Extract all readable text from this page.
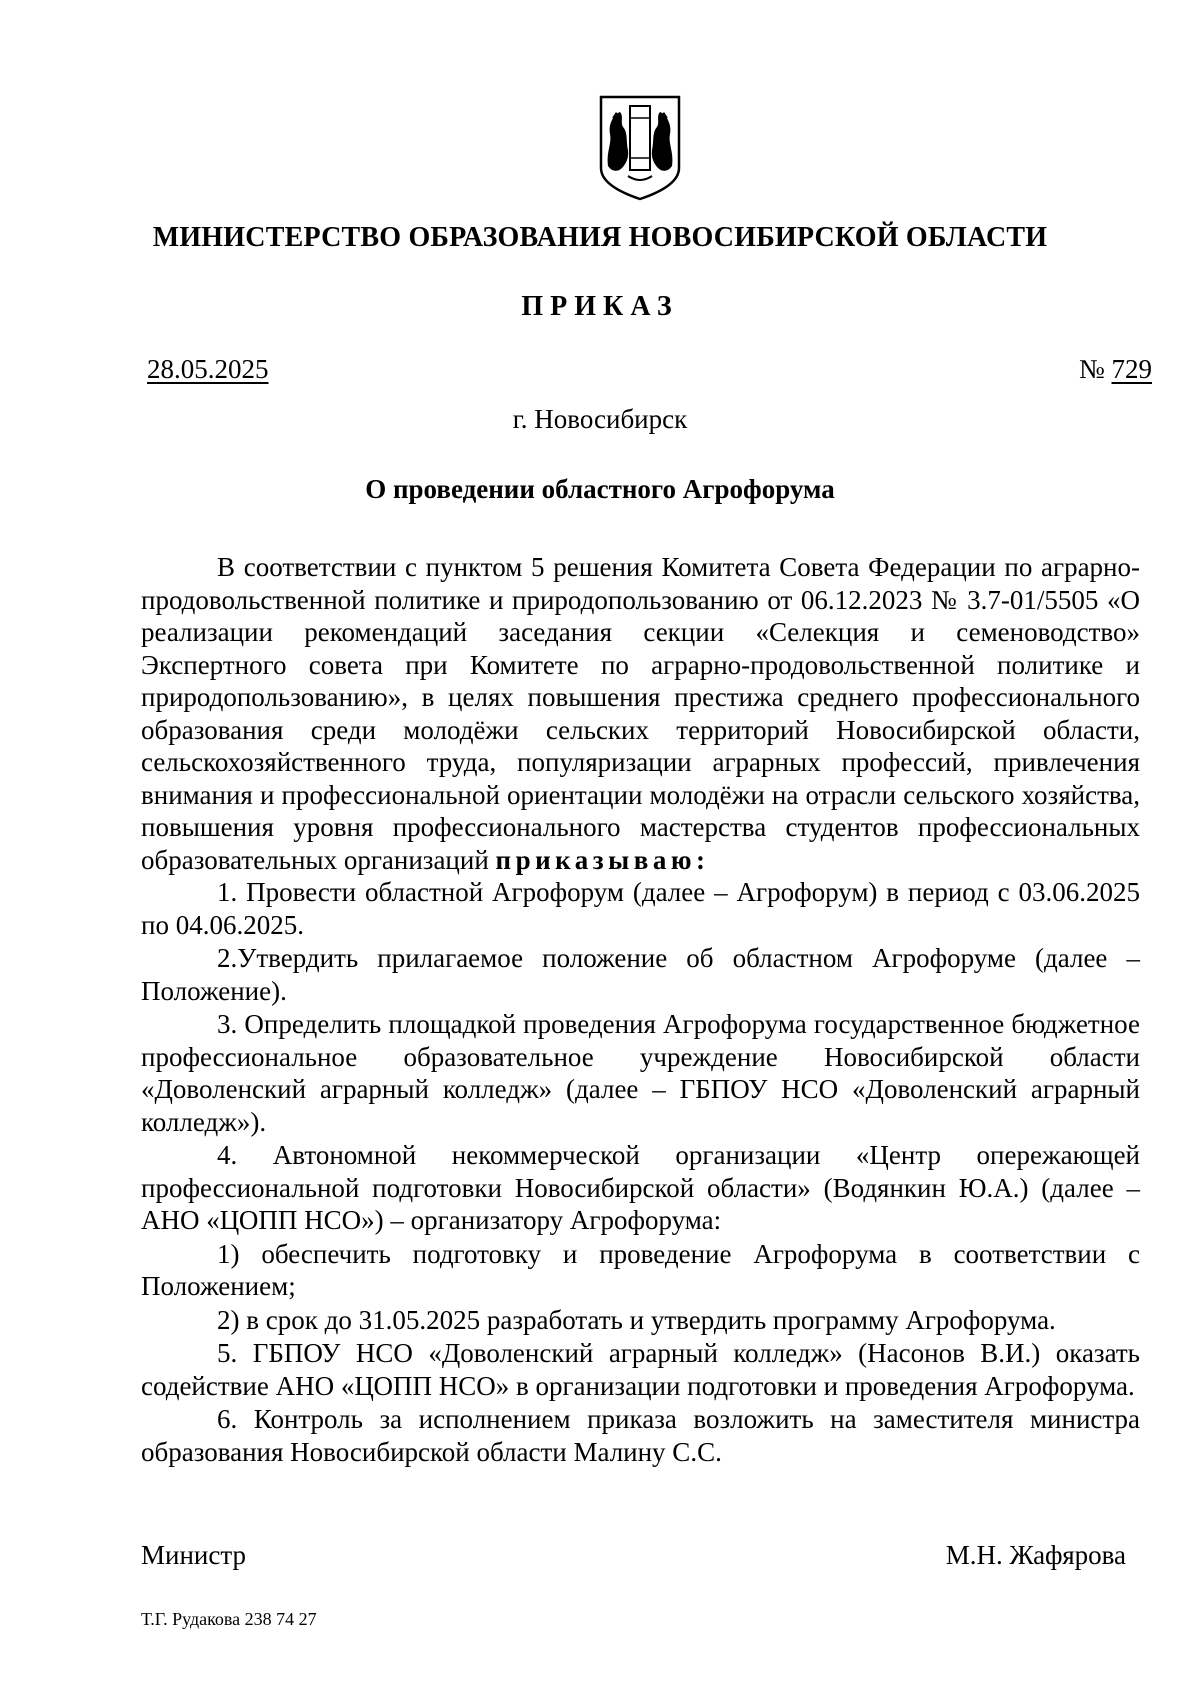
МИНИСТЕРСТВО ОБРАЗОВАНИЯ НОВОСИБИРСКОЙ ОБЛАСТИ
ПРИКАЗ
28.05.2025	№ 729
г. Новосибирск
О проведении областного Агрофорума

В соответствии с пунктом 5 решения Комитета Совета Федерации по аграрно-продовольственной политике и природопользованию от 06.12.2023 № 3.7-01/5505 «О реализации рекомендаций заседания секции «Селекция и семеноводство» Экспертного совета при Комитете по аграрно-продовольственной политике и природопользованию», в целях повышения престижа среднего профессионального образования среди молодёжи сельских территорий Новосибирской области, сельскохозяйственного труда, популяризации аграрных профессий, привлечения внимания и профессиональной ориентации молодёжи на отрасли сельского хозяйства, повышения уровня профессионального мастерства студентов профессиональных образовательных организаций приказываю:

1. Провести областной Агрофорум (далее – Агрофорум) в период с 03.06.2025 по 04.06.2025.

2.Утвердить прилагаемое положение об областном Агрофоруме (далее – Положение).

3. Определить площадкой проведения Агрофорума государственное бюджетное профессиональное образовательное учреждение Новосибирской области «Доволенский аграрный колледж» (далее – ГБПОУ НСО «Доволенский аграрный колледж»).

4. Автономной некоммерческой организации «Центр опережающей профессиональной подготовки Новосибирской области» (Водянкин Ю.А.) (далее – АНО «ЦОПП НСО») – организатору Агрофорума:

1) обеспечить подготовку и проведение Агрофорума в соответствии с Положением;

2) в срок до 31.05.2025 разработать и утвердить программу Агрофорума.

5. ГБПОУ НСО «Доволенский аграрный колледж» (Насонов В.И.) оказать содействие АНО «ЦОПП НСО» в организации подготовки и проведения Агрофорума.

6. Контроль за исполнением приказа возложить на заместителя министра образования Новосибирской области Малину С.С.

Министр	М.Н. Жафярова
Т.Г. Рудакова 238 74 27
